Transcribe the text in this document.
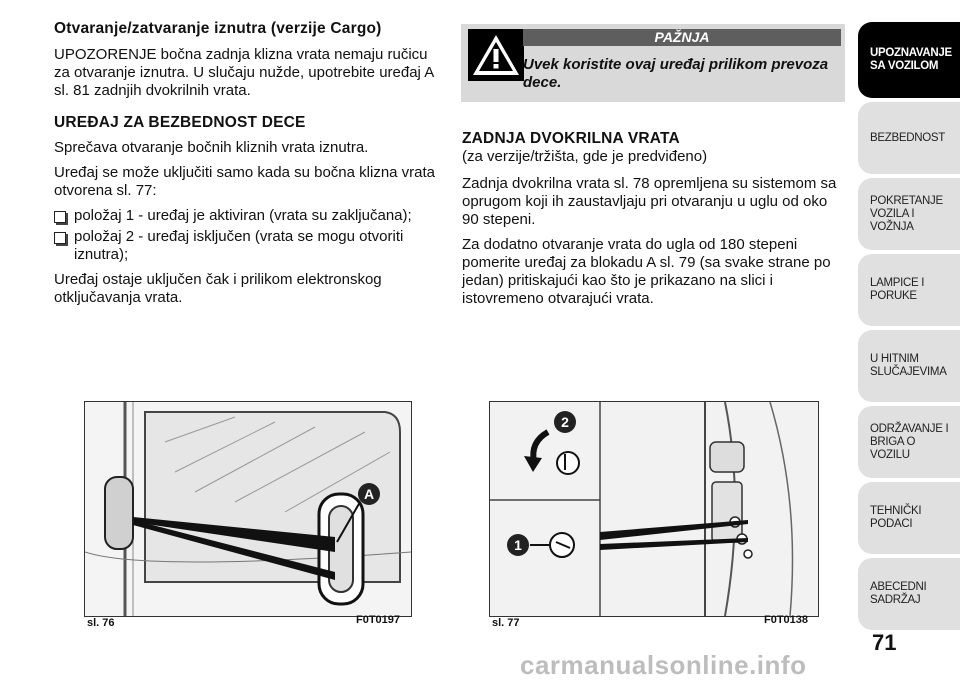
Otvaranje/zatvaranje iznutra (verzije Cargo)

UPOZORENJE bočna zadnja klizna vrata nemaju ručicu za otvaranje iznutra. U slučaju nužde, upotrebite uređaj A sl. 81 zadnjih dvokrilnih vrata.

UREĐAJ ZA BEZBEDNOST DECE

Sprečava otvaranje bočnih kliznih vrata iznutra.

Uređaj se može uključiti samo kada su bočna klizna vrata otvorena sl. 77:

položaj 1 - uređaj je aktiviran (vrata su zaključana);
položaj 2 - uređaj isključen (vrata se mogu otvoriti iznutra);

Uređaj ostaje uključen čak i prilikom elektronskog otključavanja vrata.

PAŽNJA
Uvek koristite ovaj uređaj prilikom prevoza dece.

ZADNJA DVOKRILNA VRATA

(za verzije/tržišta, gde je predviđeno)

Zadnja dvokrilna vrata sl. 78 opremljena su sistemom sa oprugom koji ih zaustavljaju pri otvaranju u uglu od oko 90 stepeni.

Za dodatno otvaranje vrata do ugla od 180 stepeni pomerite uređaj za blokadu A sl. 79 (sa svake strane po jedan) pritiskajući kao što je prikazano na slici i istovremeno otvarajući vrata.

A
sl. 76	F0T0197
2
1
sl. 77	F0T0138
UPOZNAVANJE SA VOZILOM
BEZBEDNOST
POKRETANJE VOZILA I VOŽNJA
LAMPICE I PORUKE
U HITNIM SLUČAJEVIMA
ODRŽAVANJE I BRIGA O VOZILU
TEHNIČKI PODACI
ABECEDNI SADRŽAJ
71
carmanualsonline.info
